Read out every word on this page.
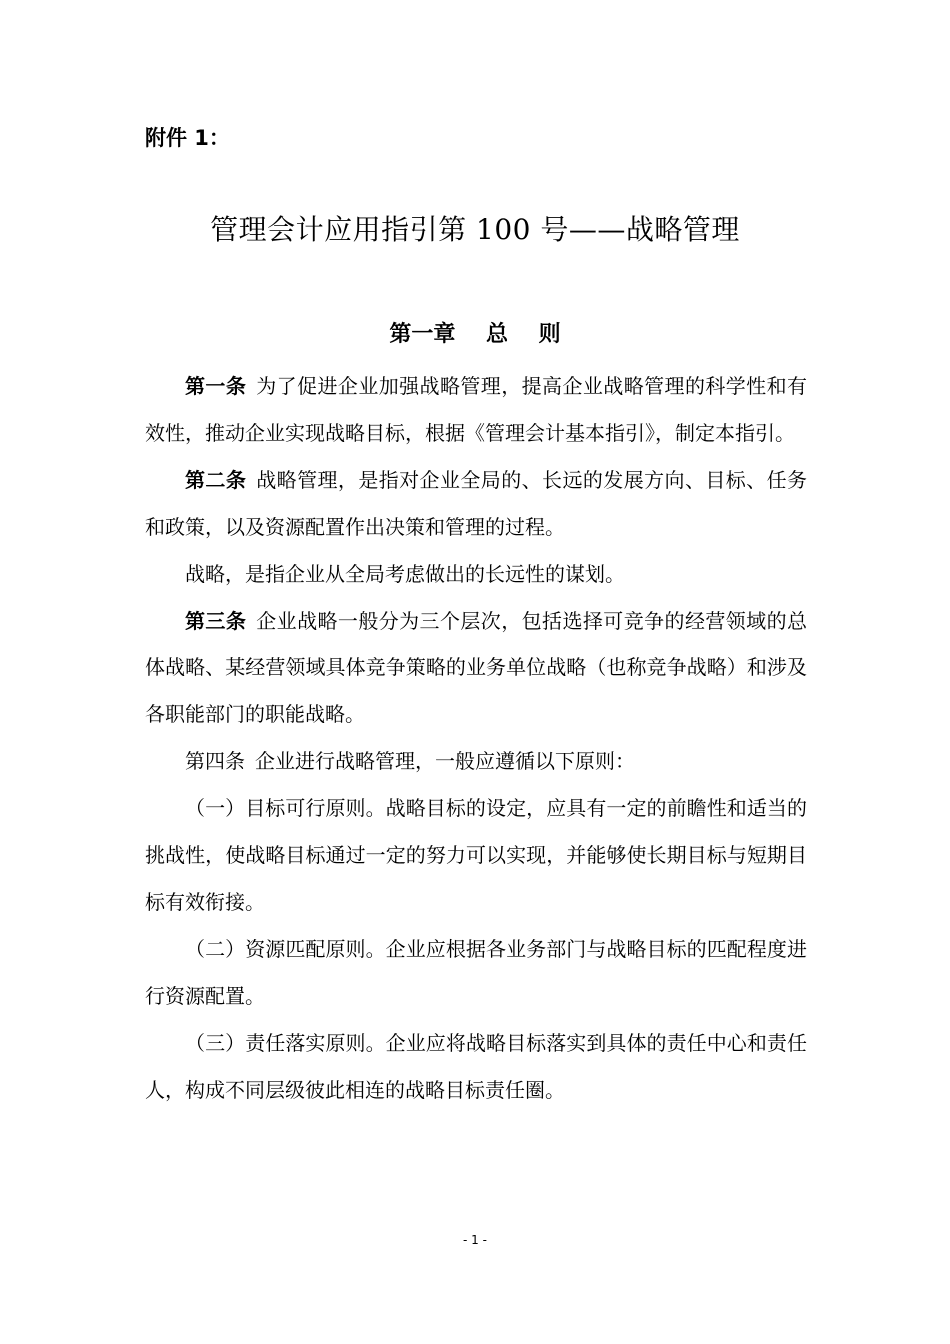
附件 1：
管理会计应用指引第 100 号——战略管理
第一章    总    则

第一条 为了促进企业加强战略管理，提高企业战略管理的科学性和有效性，推动企业实现战略目标，根据《管理会计基本指引》，制定本指引。

第二条 战略管理，是指对企业全局的、长远的发展方向、目标、任务和政策，以及资源配置作出决策和管理的过程。

战略，是指企业从全局考虑做出的长远性的谋划。

第三条 企业战略一般分为三个层次，包括选择可竞争的经营领域的总体战略、某经营领域具体竞争策略的业务单位战略（也称竞争战略）和涉及各职能部门的职能战略。

第四条 企业进行战略管理，一般应遵循以下原则：

（一）目标可行原则。战略目标的设定，应具有一定的前瞻性和适当的挑战性，使战略目标通过一定的努力可以实现，并能够使长期目标与短期目标有效衔接。

（二）资源匹配原则。企业应根据各业务部门与战略目标的匹配程度进行资源配置。

（三）责任落实原则。企业应将战略目标落实到具体的责任中心和责任人，构成不同层级彼此相连的战略目标责任圈。

- 1 -
